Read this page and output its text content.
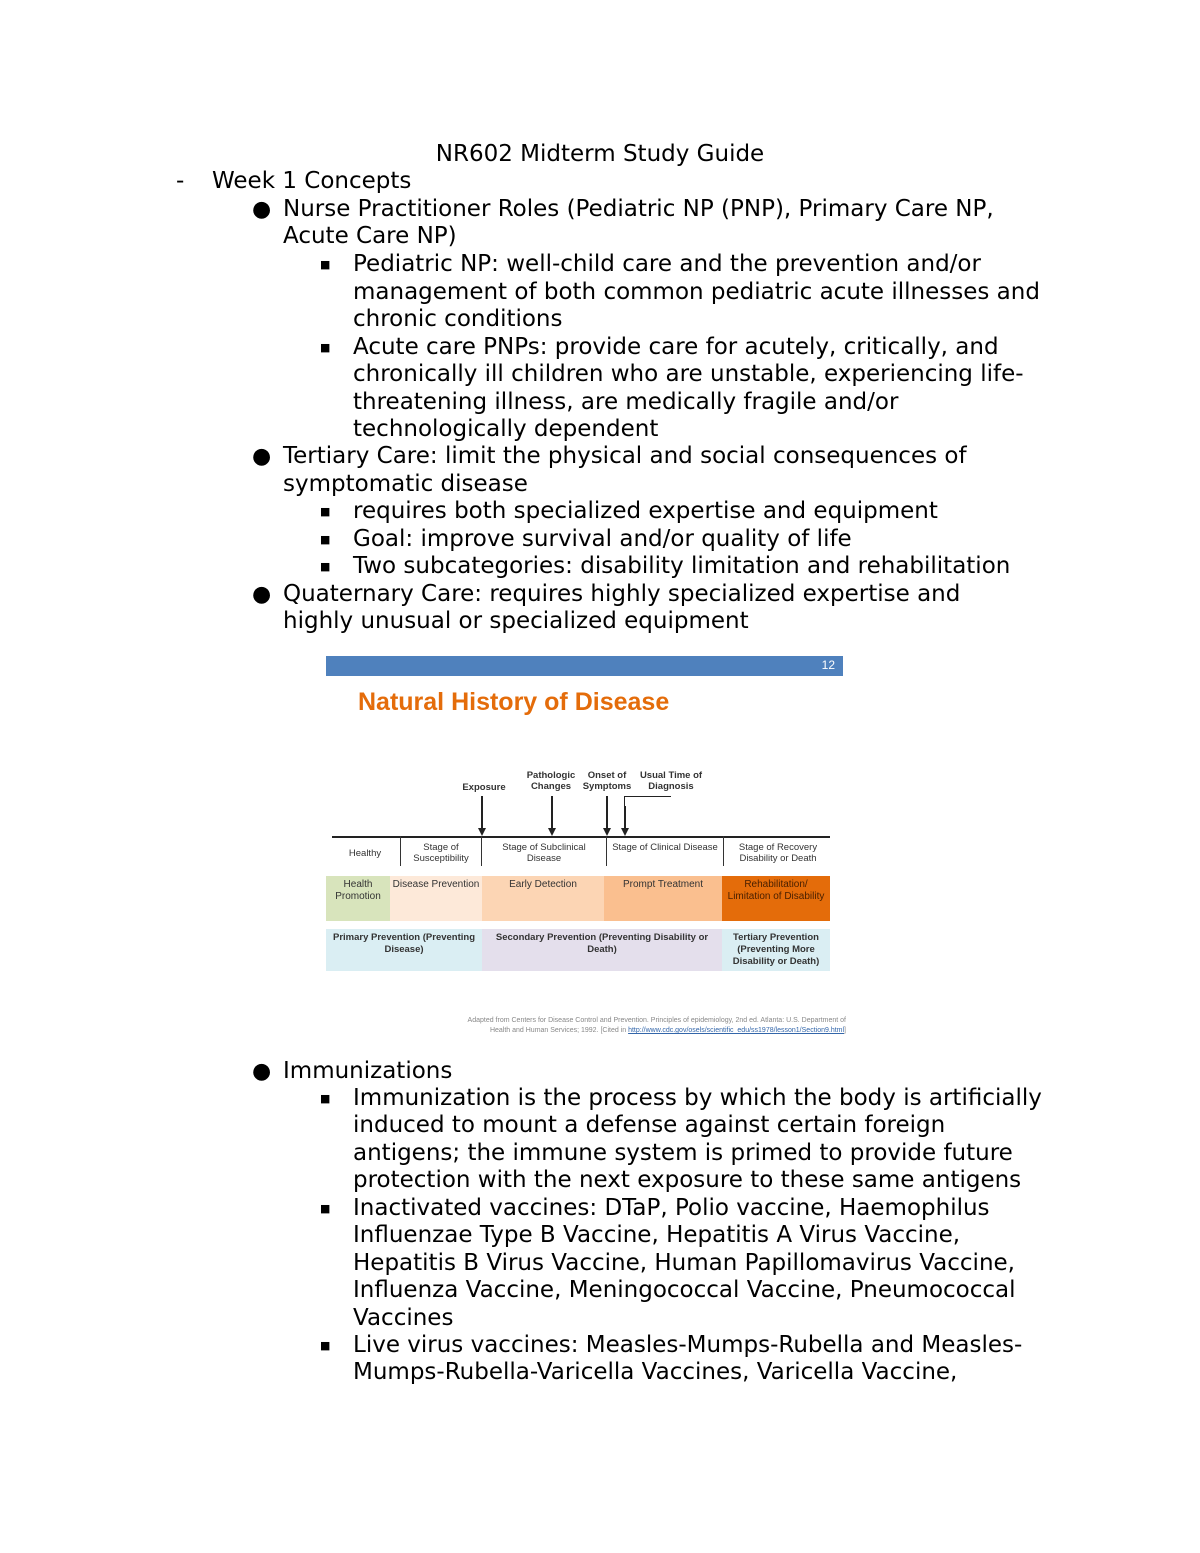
NR602 Midterm Study Guide
- Week 1 Concepts
● Nurse Practitioner Roles (Pediatric NP (PNP), Primary Care NP,
Acute Care NP)
■ Pediatric NP: well-child care and the prevention and/or
management of both common pediatric acute illnesses and
chronic conditions
■ Acute care PNPs: provide care for acutely, critically, and
chronically ill children who are unstable, experiencing life-
threatening illness, are medically fragile and/or
technologically dependent
● Tertiary Care: limit the physical and social consequences of
symptomatic disease
■ requires both specialized expertise and equipment
■ Goal: improve survival and/or quality of life
■ Two subcategories: disability limitation and rehabilitation
● Quaternary Care: requires highly specialized expertise and
highly unusual or specialized equipment
12
Natural History of Disease
Exposure
Pathologic Changes
Onset of Symptoms
Usual Time of Diagnosis
Healthy
Stage of Susceptibility
Stage of Subclinical Disease
Stage of Clinical Disease	Stage of Recovery Disability or Death
Health Promotion
Disease Prevention	Early Detection	Prompt Treatment	Rehabilitation/ Limitation of Disability
Primary Prevention (Preventing Disease)
Secondary Prevention (Preventing Disability or Death)
Tertiary Prevention (Preventing More Disability or Death)
Adapted from Centers for Disease Control and Prevention. Principles of epidemiology, 2nd ed. Atlanta: U.S. Department of
Health and Human Services; 1992. [Cited in http://www.cdc.gov/osels/scientific_edu/ss1978/lesson1/Section9.html]
● Immunizations
■ Immunization is the process by which the body is artificially
induced to mount a defense against certain foreign
antigens; the immune system is primed to provide future
protection with the next exposure to these same antigens
■ Inactivated vaccines: DTaP, Polio vaccine, Haemophilus
Influenzae Type B Vaccine, Hepatitis A Virus Vaccine,
Hepatitis B Virus Vaccine, Human Papillomavirus Vaccine,
Influenza Vaccine, Meningococcal Vaccine, Pneumococcal
Vaccines
■ Live virus vaccines: Measles-Mumps-Rubella and Measles-
Mumps-Rubella-Varicella Vaccines, Varicella Vaccine,
